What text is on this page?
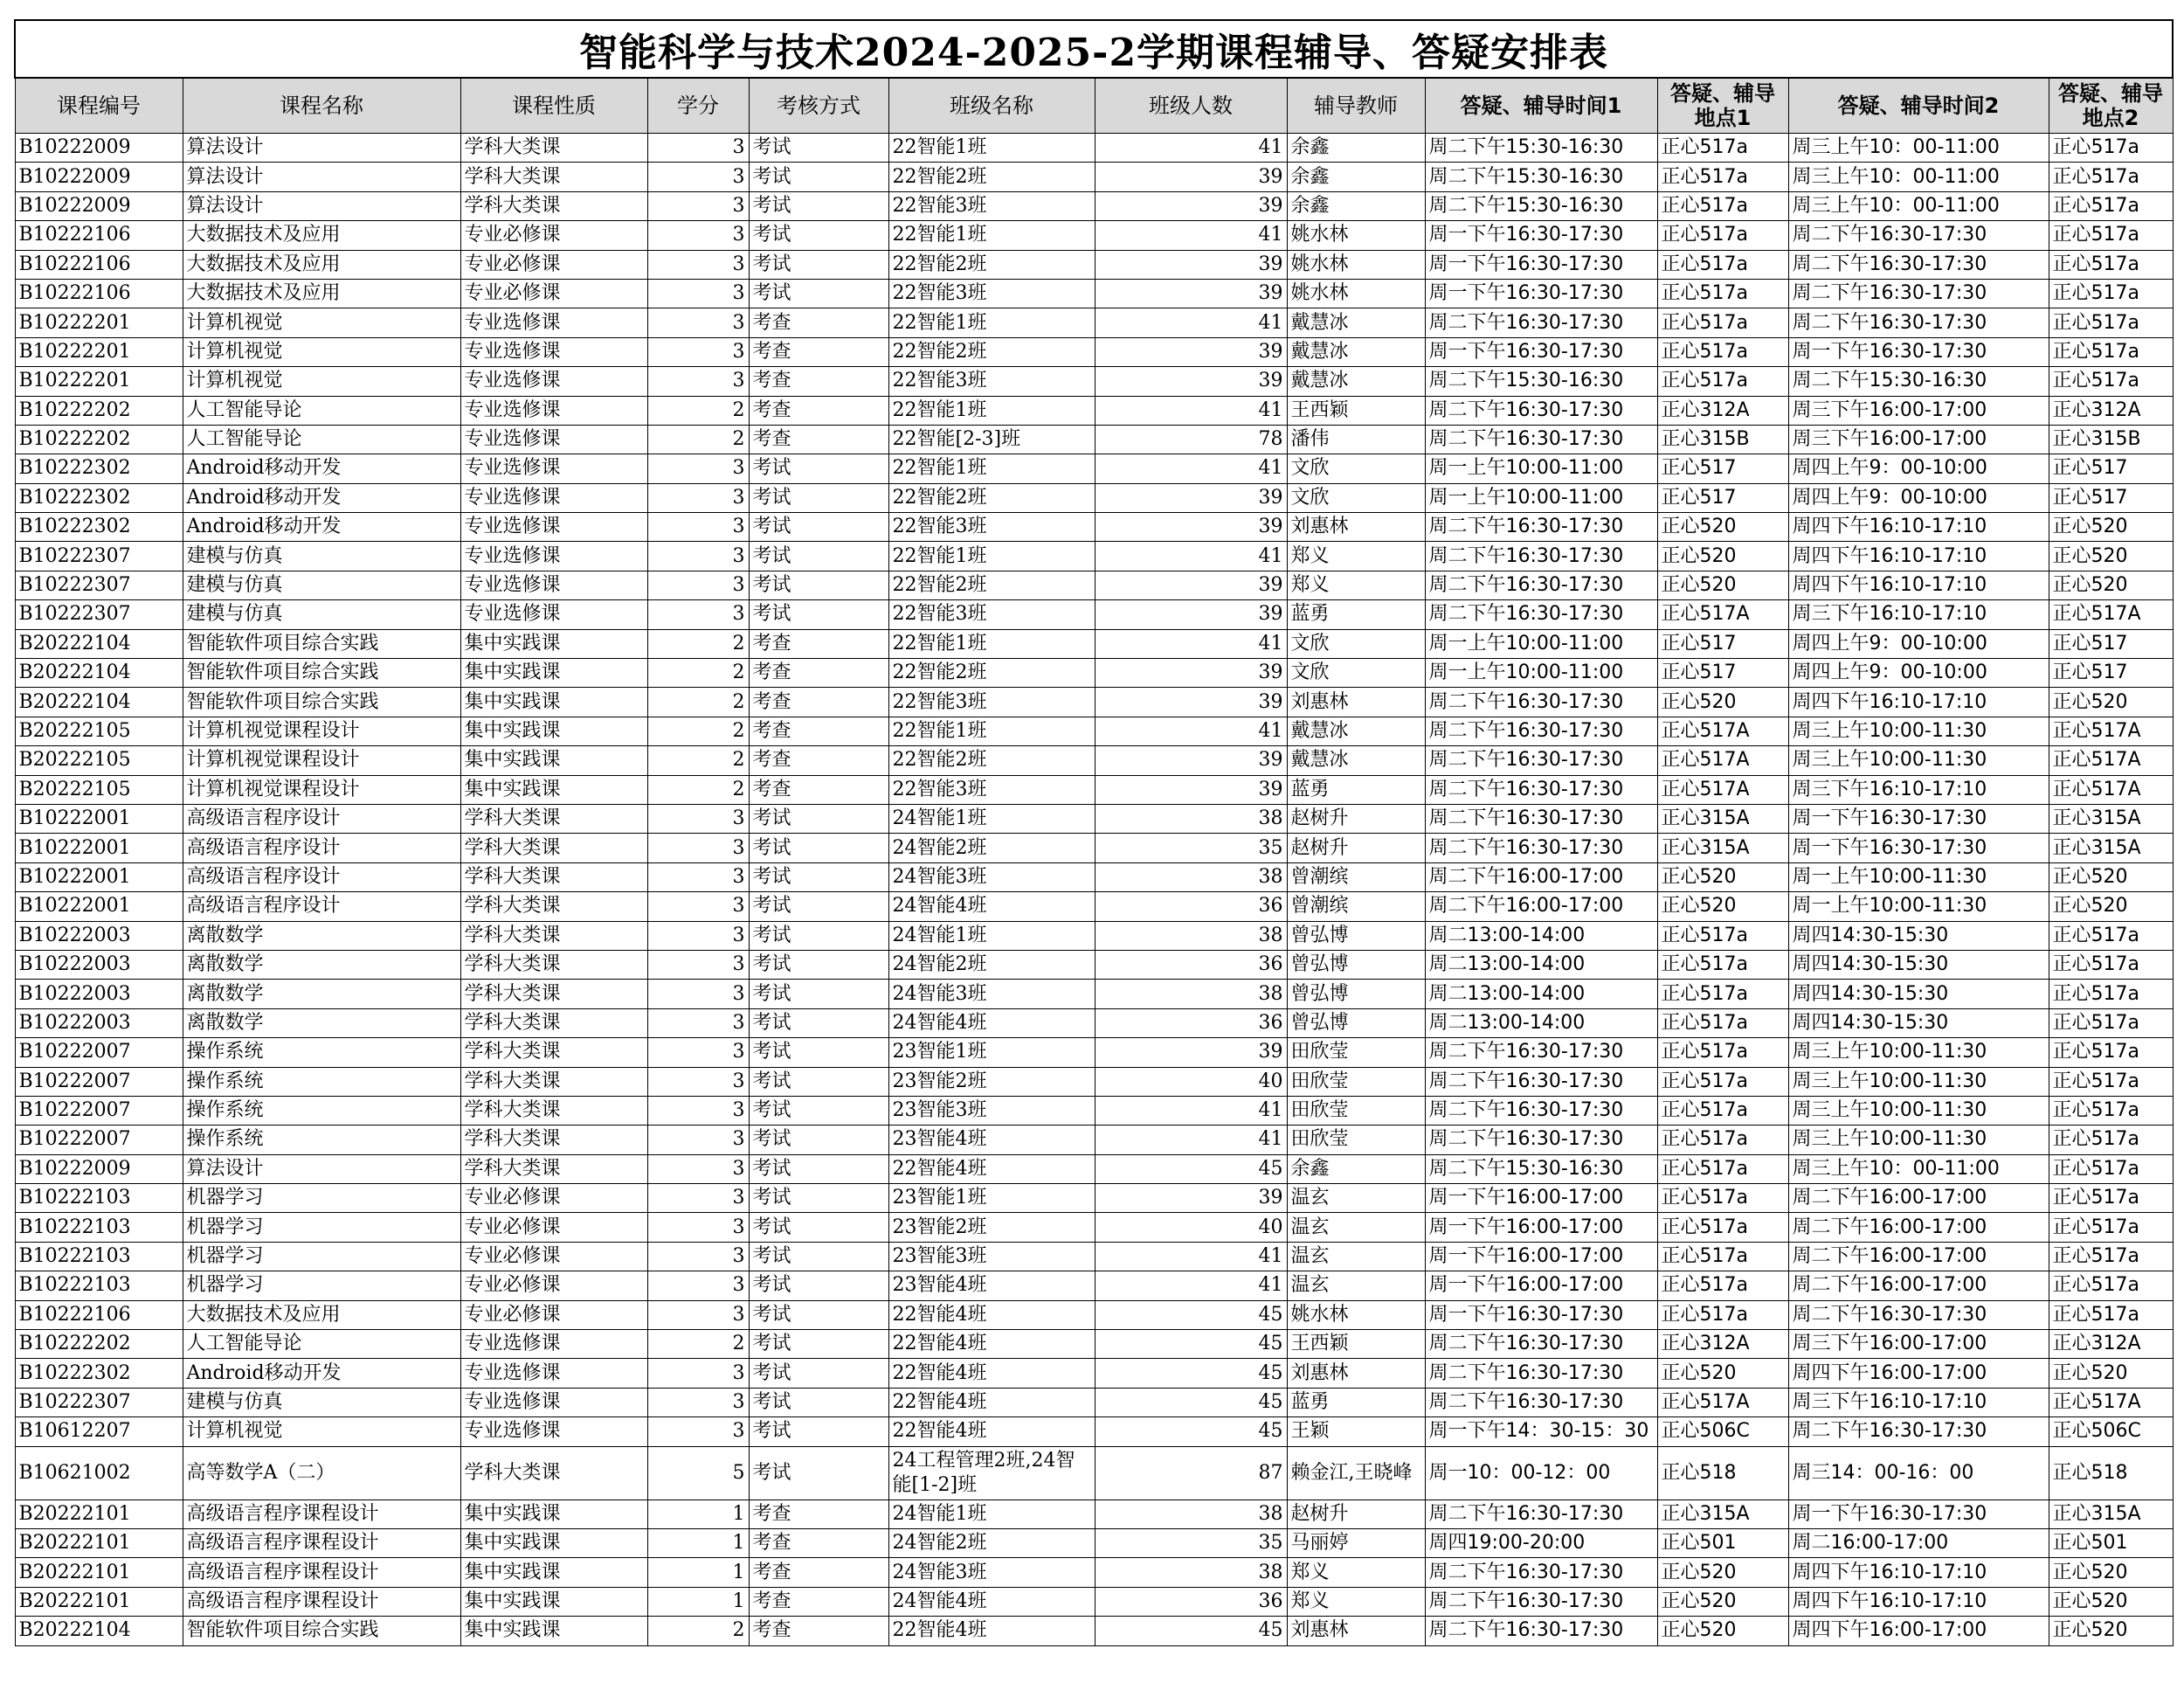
智能科学与技术2024-2025-2学期课程辅导、答疑安排表											
课程编号	课程名称	课程性质	学分	考核方式	班级名称	班级人数	辅导教师	答疑、辅导时间1	答疑、辅导地点1	答疑、辅导时间2	答疑、辅导地点2
B10222009	算法设计	学科大类课	3	考试	22智能1班	41	余鑫	周二下午15:30-16:30	正心517a	周三上午10：00-11:00	正心517a
B10222009	算法设计	学科大类课	3	考试	22智能2班	39	余鑫	周二下午15:30-16:30	正心517a	周三上午10：00-11:00	正心517a
B10222009	算法设计	学科大类课	3	考试	22智能3班	39	余鑫	周二下午15:30-16:30	正心517a	周三上午10：00-11:00	正心517a
B10222106	大数据技术及应用	专业必修课	3	考试	22智能1班	41	姚水林	周一下午16:30-17:30	正心517a	周二下午16:30-17:30	正心517a
B10222106	大数据技术及应用	专业必修课	3	考试	22智能2班	39	姚水林	周一下午16:30-17:30	正心517a	周二下午16:30-17:30	正心517a
B10222106	大数据技术及应用	专业必修课	3	考试	22智能3班	39	姚水林	周一下午16:30-17:30	正心517a	周二下午16:30-17:30	正心517a
B10222201	计算机视觉	专业选修课	3	考查	22智能1班	41	戴慧冰	周二下午16:30-17:30	正心517a	周二下午16:30-17:30	正心517a
B10222201	计算机视觉	专业选修课	3	考查	22智能2班	39	戴慧冰	周一下午16:30-17:30	正心517a	周一下午16:30-17:30	正心517a
B10222201	计算机视觉	专业选修课	3	考查	22智能3班	39	戴慧冰	周二下午15:30-16:30	正心517a	周二下午15:30-16:30	正心517a
B10222202	人工智能导论	专业选修课	2	考查	22智能1班	41	王西颖	周二下午16:30-17:30	正心312A	周三下午16:00-17:00	正心312A
B10222202	人工智能导论	专业选修课	2	考查	22智能[2-3]班	78	潘伟	周二下午16:30-17:30	正心315B	周三下午16:00-17:00	正心315B
B10222302	Android移动开发	专业选修课	3	考试	22智能1班	41	文欣	周一上午10:00-11:00	正心517	周四上午9：00-10:00	正心517
B10222302	Android移动开发	专业选修课	3	考试	22智能2班	39	文欣	周一上午10:00-11:00	正心517	周四上午9：00-10:00	正心517
B10222302	Android移动开发	专业选修课	3	考试	22智能3班	39	刘惠林	周二下午16:30-17:30	正心520	周四下午16:10-17:10	正心520
B10222307	建模与仿真	专业选修课	3	考试	22智能1班	41	郑义	周二下午16:30-17:30	正心520	周四下午16:10-17:10	正心520
B10222307	建模与仿真	专业选修课	3	考试	22智能2班	39	郑义	周二下午16:30-17:30	正心520	周四下午16:10-17:10	正心520
B10222307	建模与仿真	专业选修课	3	考试	22智能3班	39	蓝勇	周二下午16:30-17:30	正心517A	周三下午16:10-17:10	正心517A
B20222104	智能软件项目综合实践	集中实践课	2	考查	22智能1班	41	文欣	周一上午10:00-11:00	正心517	周四上午9：00-10:00	正心517
B20222104	智能软件项目综合实践	集中实践课	2	考查	22智能2班	39	文欣	周一上午10:00-11:00	正心517	周四上午9：00-10:00	正心517
B20222104	智能软件项目综合实践	集中实践课	2	考查	22智能3班	39	刘惠林	周二下午16:30-17:30	正心520	周四下午16:10-17:10	正心520
B20222105	计算机视觉课程设计	集中实践课	2	考查	22智能1班	41	戴慧冰	周二下午16:30-17:30	正心517A	周三上午10:00-11:30	正心517A
B20222105	计算机视觉课程设计	集中实践课	2	考查	22智能2班	39	戴慧冰	周二下午16:30-17:30	正心517A	周三上午10:00-11:30	正心517A
B20222105	计算机视觉课程设计	集中实践课	2	考查	22智能3班	39	蓝勇	周二下午16:30-17:30	正心517A	周三下午16:10-17:10	正心517A
B10222001	高级语言程序设计	学科大类课	3	考试	24智能1班	38	赵树升	周二下午16:30-17:30	正心315A	周一下午16:30-17:30	正心315A
B10222001	高级语言程序设计	学科大类课	3	考试	24智能2班	35	赵树升	周二下午16:30-17:30	正心315A	周一下午16:30-17:30	正心315A
B10222001	高级语言程序设计	学科大类课	3	考试	24智能3班	38	曾潮缤	周二下午16:00-17:00	正心520	周一上午10:00-11:30	正心520
B10222001	高级语言程序设计	学科大类课	3	考试	24智能4班	36	曾潮缤	周二下午16:00-17:00	正心520	周一上午10:00-11:30	正心520
B10222003	离散数学	学科大类课	3	考试	24智能1班	38	曾弘博	周二13:00-14:00	正心517a	周四14:30-15:30	正心517a
B10222003	离散数学	学科大类课	3	考试	24智能2班	36	曾弘博	周二13:00-14:00	正心517a	周四14:30-15:30	正心517a
B10222003	离散数学	学科大类课	3	考试	24智能3班	38	曾弘博	周二13:00-14:00	正心517a	周四14:30-15:30	正心517a
B10222003	离散数学	学科大类课	3	考试	24智能4班	36	曾弘博	周二13:00-14:00	正心517a	周四14:30-15:30	正心517a
B10222007	操作系统	学科大类课	3	考试	23智能1班	39	田欣莹	周二下午16:30-17:30	正心517a	周三上午10:00-11:30	正心517a
B10222007	操作系统	学科大类课	3	考试	23智能2班	40	田欣莹	周二下午16:30-17:30	正心517a	周三上午10:00-11:30	正心517a
B10222007	操作系统	学科大类课	3	考试	23智能3班	41	田欣莹	周二下午16:30-17:30	正心517a	周三上午10:00-11:30	正心517a
B10222007	操作系统	学科大类课	3	考试	23智能4班	41	田欣莹	周二下午16:30-17:30	正心517a	周三上午10:00-11:30	正心517a
B10222009	算法设计	学科大类课	3	考试	22智能4班	45	余鑫	周二下午15:30-16:30	正心517a	周三上午10：00-11:00	正心517a
B10222103	机器学习	专业必修课	3	考试	23智能1班	39	温玄	周一下午16:00-17:00	正心517a	周二下午16:00-17:00	正心517a
B10222103	机器学习	专业必修课	3	考试	23智能2班	40	温玄	周一下午16:00-17:00	正心517a	周二下午16:00-17:00	正心517a
B10222103	机器学习	专业必修课	3	考试	23智能3班	41	温玄	周一下午16:00-17:00	正心517a	周二下午16:00-17:00	正心517a
B10222103	机器学习	专业必修课	3	考试	23智能4班	41	温玄	周一下午16:00-17:00	正心517a	周二下午16:00-17:00	正心517a
B10222106	大数据技术及应用	专业必修课	3	考试	22智能4班	45	姚水林	周一下午16:30-17:30	正心517a	周二下午16:30-17:30	正心517a
B10222202	人工智能导论	专业选修课	2	考试	22智能4班	45	王西颖	周二下午16:30-17:30	正心312A	周三下午16:00-17:00	正心312A
B10222302	Android移动开发	专业选修课	3	考试	22智能4班	45	刘惠林	周二下午16:30-17:30	正心520	周四下午16:00-17:00	正心520
B10222307	建模与仿真	专业选修课	3	考试	22智能4班	45	蓝勇	周二下午16:30-17:30	正心517A	周三下午16:10-17:10	正心517A
B10612207	计算机视觉	专业选修课	3	考试	22智能4班	45	王颖	周一下午14：30-15：30	正心506C	周二下午16:30-17:30	正心506C
B10621002	高等数学A（二）	学科大类课	5	考试	24工程管理2班,24智能[1-2]班	87	赖金江,王晓峰	周一10：00-12：00	正心518	周三14：00-16：00	正心518
B20222101	高级语言程序课程设计	集中实践课	1	考查	24智能1班	38	赵树升	周二下午16:30-17:30	正心315A	周一下午16:30-17:30	正心315A
B20222101	高级语言程序课程设计	集中实践课	1	考查	24智能2班	35	马丽婷	周四19:00-20:00	正心501	周二16:00-17:00	正心501
B20222101	高级语言程序课程设计	集中实践课	1	考查	24智能3班	38	郑义	周二下午16:30-17:30	正心520	周四下午16:10-17:10	正心520
B20222101	高级语言程序课程设计	集中实践课	1	考查	24智能4班	36	郑义	周二下午16:30-17:30	正心520	周四下午16:10-17:10	正心520
B20222104	智能软件项目综合实践	集中实践课	2	考查	22智能4班	45	刘惠林	周二下午16:30-17:30	正心520	周四下午16:00-17:00	正心520
